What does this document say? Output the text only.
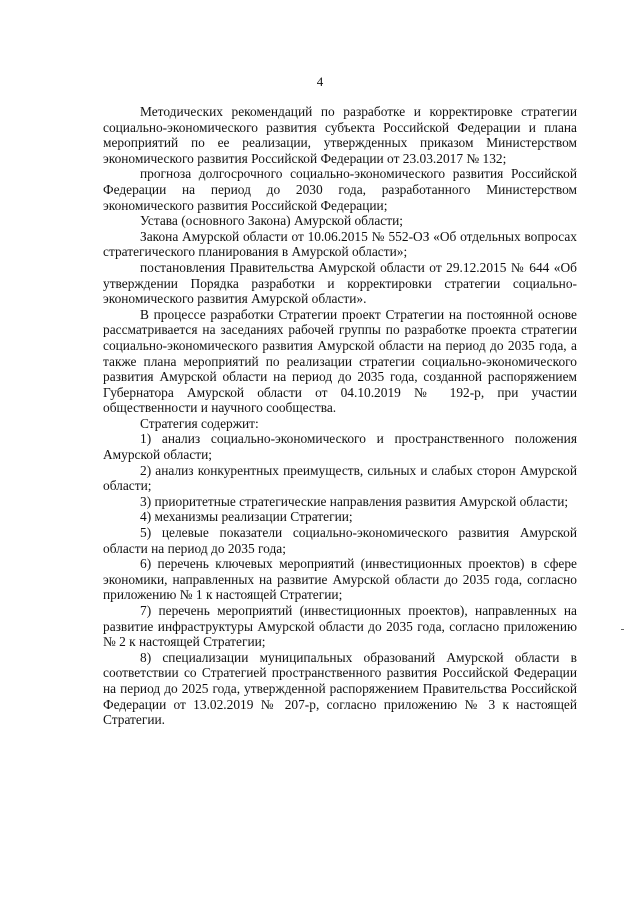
4

Методических рекомендаций по разработке и корректировке стратегии социально-экономического развития субъекта Российской Федерации и плана мероприятий по ее реализации, утвержденных приказом Министерством экономического развития Российской Федерации от 23.03.2017 № 132;

прогноза долгосрочного социально-экономического развития Российской Федерации на период до 2030 года, разработанного Министерством экономического развития Российской Федерации;

Устава (основного Закона) Амурской области;

Закона Амурской области от 10.06.2015 № 552-ОЗ «Об отдельных вопросах стратегического планирования в Амурской области»;

постановления Правительства Амурской области от 29.12.2015 № 644 «Об утверждении Порядка разработки и корректировки стратегии социально-экономического развития Амурской области».

В процессе разработки Стратегии проект Стратегии на постоянной основе рассматривается на заседаниях рабочей группы по разработке проекта стратегии социально-экономического развития Амурской области на период до 2035 года, а также плана мероприятий по реализации стратегии социально-экономического развития Амурской области на период до 2035 года, созданной распоряжением Губернатора Амурской области от 04.10.2019 № 192-р, при участии общественности и научного сообщества.

Стратегия содержит:

1) анализ социально-экономического и пространственного положения Амурской области;

2) анализ конкурентных преимуществ, сильных и слабых сторон Амурской области;

3) приоритетные стратегические направления развития Амурской области;

4) механизмы реализации Стратегии;

5) целевые показатели социально-экономического развития Амурской области на период до 2035 года;

6) перечень ключевых мероприятий (инвестиционных проектов) в сфере экономики, направленных на развитие Амурской области до 2035 года, согласно приложению № 1 к настоящей Стратегии;

7) перечень мероприятий (инвестиционных проектов), направленных на развитие инфраструктуры Амурской области до 2035 года, согласно приложению № 2 к настоящей Стратегии;

8) специализации муниципальных образований Амурской области в соответствии со Стратегией пространственного развития Российской Федерации на период до 2025 года, утвержденной распоряжением Правительства Российской Федерации от 13.02.2019 № 207-р, согласно приложению № 3 к настоящей Стратегии.
